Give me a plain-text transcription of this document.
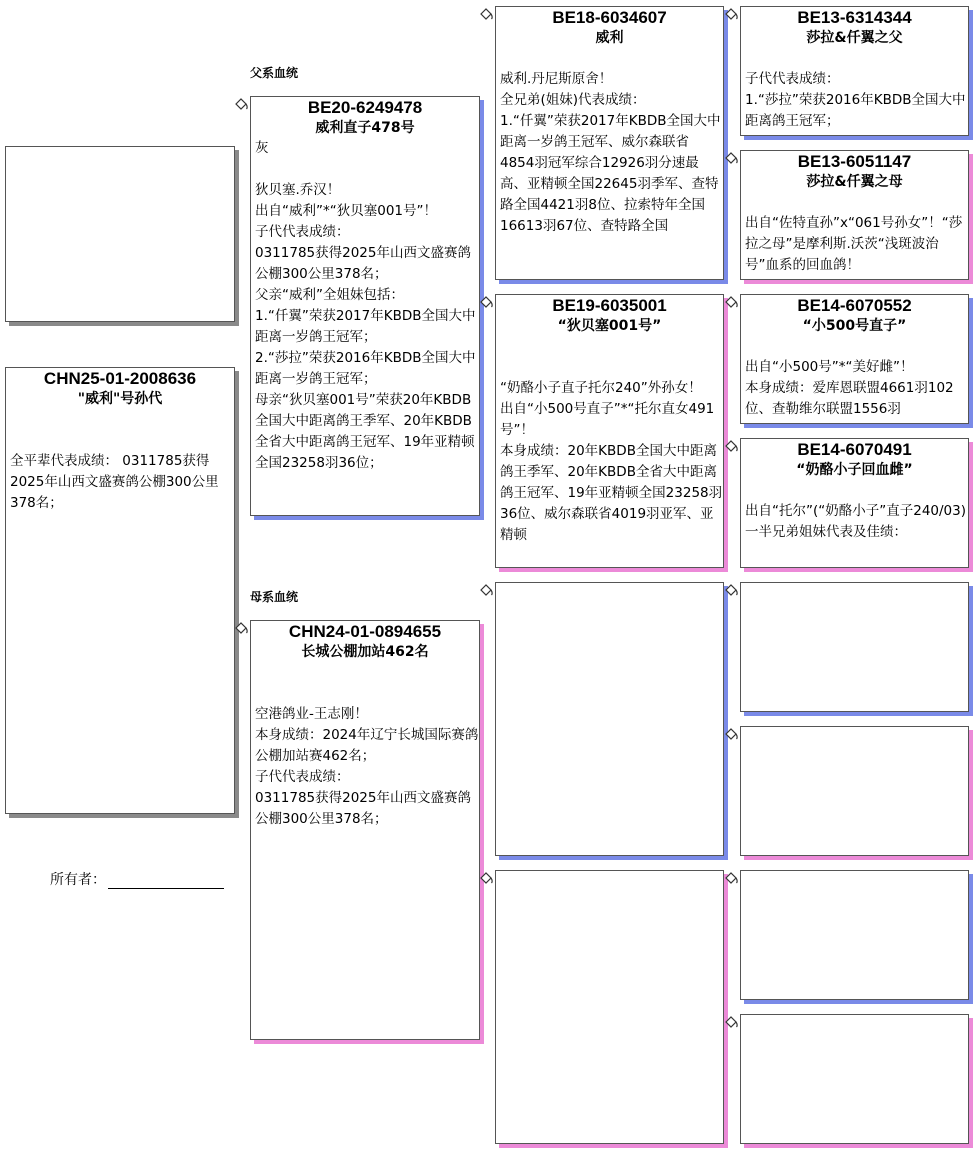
CHN25-01-2008636
"威利"号孙代

全平辈代表成绩： 0311785获得2025年山西文盛赛鸽公棚300公里378名；

所有者：
父系血统
母系血统
BE20-6249478
威利直子478号

灰

狄贝塞.乔汉！
出自“威利”*“狄贝塞001号”！
子代代表成绩：
0311785获得2025年山西文盛赛鸽公棚300公里378名；
父亲“威利”全姐妹包括：
1.“仟翼”荣获2017年KBDB全国大中距离一岁鸽王冠军；
2.“莎拉”荣获2016年KBDB全国大中距离一岁鸽王冠军；
母亲“狄贝塞001号”荣获20年KBDB全国大中距离鸽王季军、20年KBDB全省大中距离鸽王冠军、19年亚精顿全国23258羽36位；

CHN24-01-0894655
长城公棚加站462名

空港鸽业-王志刚！
本身成绩：2024年辽宁长城国际赛鸽公棚加站赛462名；
子代代表成绩：
0311785获得2025年山西文盛赛鸽公棚300公里378名；

BE18-6034607
威利

威利.丹尼斯原舍！
全兄弟(姐妹)代表成绩：
1.“仟翼”荣获2017年KBDB全国大中距离一岁鸽王冠军、威尔森联省4854羽冠军综合12926羽分速最高、亚精顿全国22645羽季军、查特路全国4421羽8位、拉索特年全国16613羽67位、查特路全国

BE19-6035001
“狄贝塞001号”

“奶酪小子直子托尔240”外孙女！
出自“小500号直子”*“托尔直女491号”！
本身成绩：20年KBDB全国大中距离鸽王季军、20年KBDB全省大中距离鸽王冠军、19年亚精顿全国23258羽36位、威尔森联省4019羽亚军、亚精顿

BE13-6314344
莎拉&仟翼之父

子代代表成绩：
1.“莎拉”荣获2016年KBDB全国大中距离鸽王冠军；

BE13-6051147
莎拉&仟翼之母

出自“佐特直孙”x“061号孙女”！“莎拉之母”是摩利斯.沃茨“浅斑波治号”血系的回血鸽！

BE14-6070552
“小500号直子”

出自“小500号”*“美好雌”！
本身成绩：爱库恩联盟4661羽102位、查勒维尔联盟1556羽

BE14-6070491
“奶酪小子回血雌”

出自“托尔”(“奶酪小子”直子240/03)
一半兄弟姐妹代表及佳绩：
